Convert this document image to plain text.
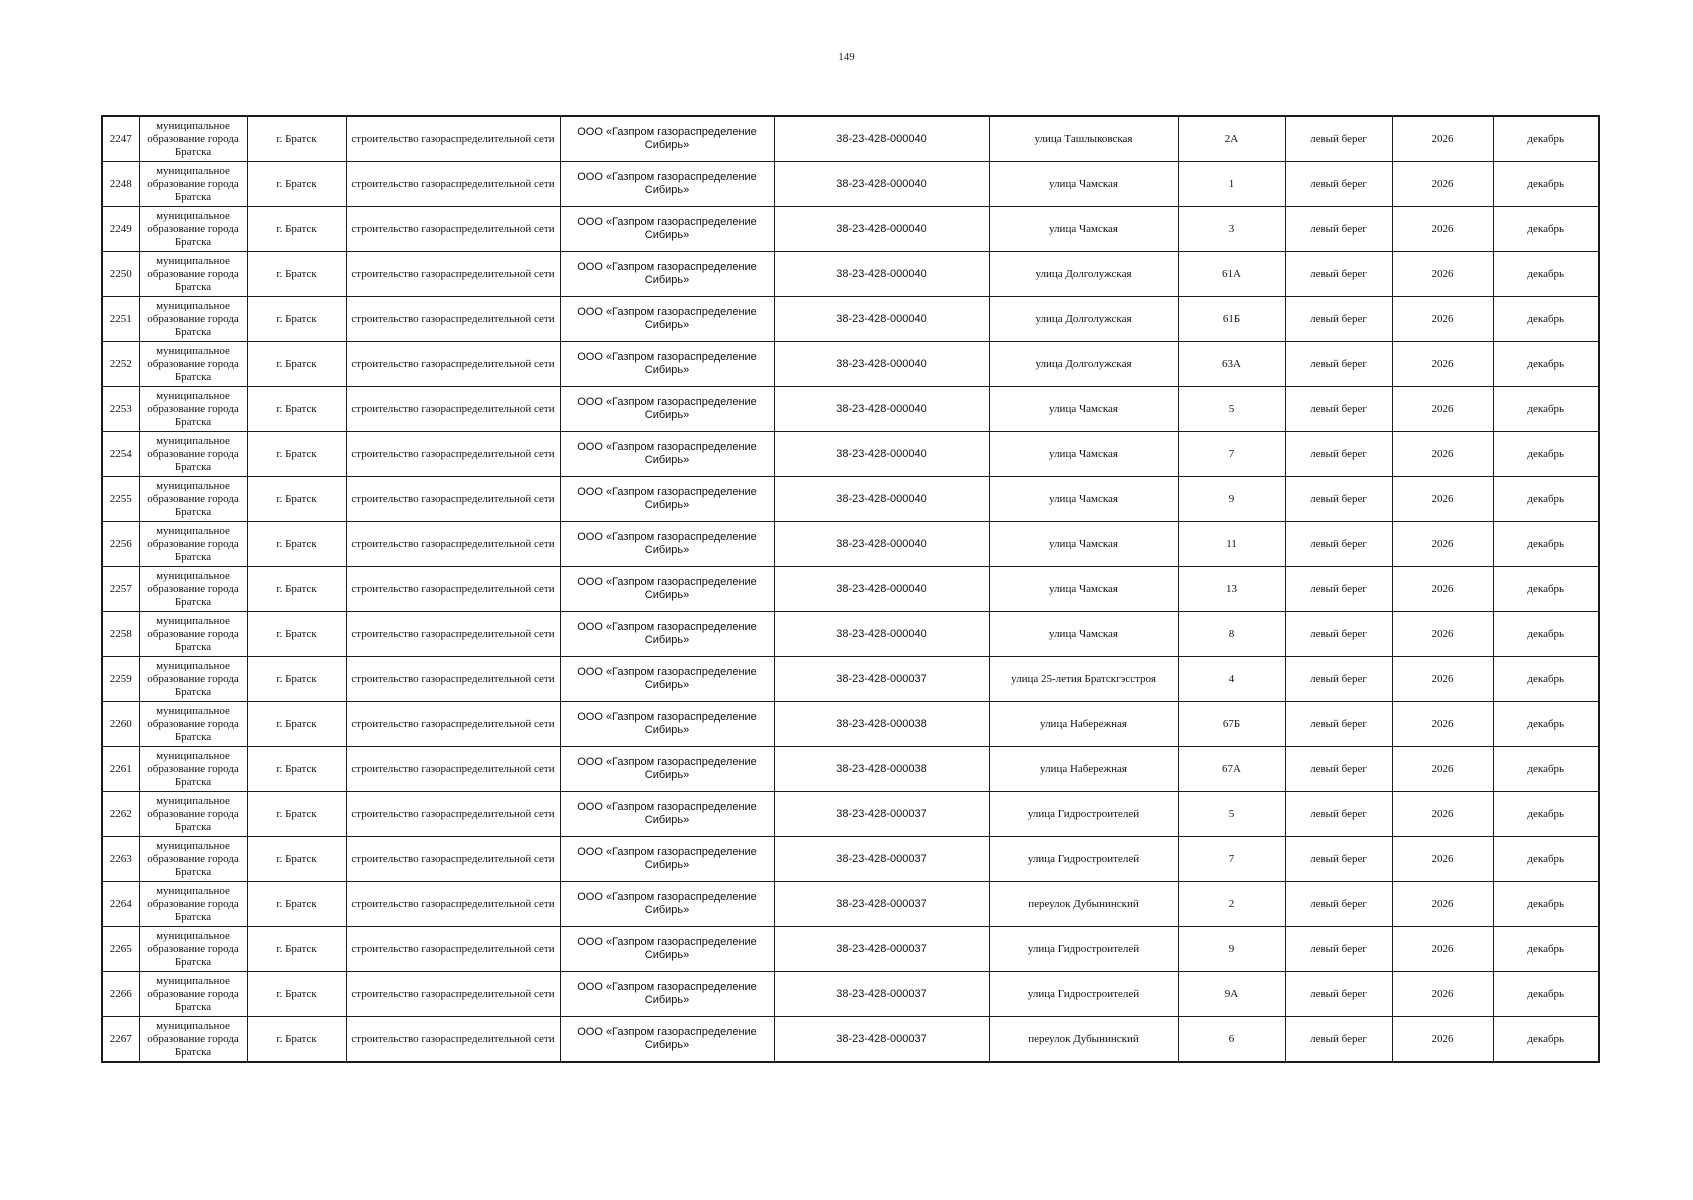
149
2247	муниципальное образование города Братска	г. Братск	строительство газораспределительной сети	ООО «Газпром газораспределение Сибирь»	38-23-428-000040	улица Ташлыковская	2А	левый берег	2026	декабрь
2248	муниципальное образование города Братска	г. Братск	строительство газораспределительной сети	ООО «Газпром газораспределение Сибирь»	38-23-428-000040	улица Чамская	1	левый берег	2026	декабрь
2249	муниципальное образование города Братска	г. Братск	строительство газораспределительной сети	ООО «Газпром газораспределение Сибирь»	38-23-428-000040	улица Чамская	3	левый берег	2026	декабрь
2250	муниципальное образование города Братска	г. Братск	строительство газораспределительной сети	ООО «Газпром газораспределение Сибирь»	38-23-428-000040	улица Долголужская	61А	левый берег	2026	декабрь
2251	муниципальное образование города Братска	г. Братск	строительство газораспределительной сети	ООО «Газпром газораспределение Сибирь»	38-23-428-000040	улица Долголужская	61Б	левый берег	2026	декабрь
2252	муниципальное образование города Братска	г. Братск	строительство газораспределительной сети	ООО «Газпром газораспределение Сибирь»	38-23-428-000040	улица Долголужская	63А	левый берег	2026	декабрь
2253	муниципальное образование города Братска	г. Братск	строительство газораспределительной сети	ООО «Газпром газораспределение Сибирь»	38-23-428-000040	улица Чамская	5	левый берег	2026	декабрь
2254	муниципальное образование города Братска	г. Братск	строительство газораспределительной сети	ООО «Газпром газораспределение Сибирь»	38-23-428-000040	улица Чамская	7	левый берег	2026	декабрь
2255	муниципальное образование города Братска	г. Братск	строительство газораспределительной сети	ООО «Газпром газораспределение Сибирь»	38-23-428-000040	улица Чамская	9	левый берег	2026	декабрь
2256	муниципальное образование города Братска	г. Братск	строительство газораспределительной сети	ООО «Газпром газораспределение Сибирь»	38-23-428-000040	улица Чамская	11	левый берег	2026	декабрь
2257	муниципальное образование города Братска	г. Братск	строительство газораспределительной сети	ООО «Газпром газораспределение Сибирь»	38-23-428-000040	улица Чамская	13	левый берег	2026	декабрь
2258	муниципальное образование города Братска	г. Братск	строительство газораспределительной сети	ООО «Газпром газораспределение Сибирь»	38-23-428-000040	улица Чамская	8	левый берег	2026	декабрь
2259	муниципальное образование города Братска	г. Братск	строительство газораспределительной сети	ООО «Газпром газораспределение Сибирь»	38-23-428-000037	улица 25-летия Братскгэсстроя	4	левый берег	2026	декабрь
2260	муниципальное образование города Братска	г. Братск	строительство газораспределительной сети	ООО «Газпром газораспределение Сибирь»	38-23-428-000038	улица Набережная	67Б	левый берег	2026	декабрь
2261	муниципальное образование города Братска	г. Братск	строительство газораспределительной сети	ООО «Газпром газораспределение Сибирь»	38-23-428-000038	улица Набережная	67А	левый берег	2026	декабрь
2262	муниципальное образование города Братска	г. Братск	строительство газораспределительной сети	ООО «Газпром газораспределение Сибирь»	38-23-428-000037	улица Гидростроителей	5	левый берег	2026	декабрь
2263	муниципальное образование города Братска	г. Братск	строительство газораспределительной сети	ООО «Газпром газораспределение Сибирь»	38-23-428-000037	улица Гидростроителей	7	левый берег	2026	декабрь
2264	муниципальное образование города Братска	г. Братск	строительство газораспределительной сети	ООО «Газпром газораспределение Сибирь»	38-23-428-000037	переулок Дубынинский	2	левый берег	2026	декабрь
2265	муниципальное образование города Братска	г. Братск	строительство газораспределительной сети	ООО «Газпром газораспределение Сибирь»	38-23-428-000037	улица Гидростроителей	9	левый берег	2026	декабрь
2266	муниципальное образование города Братска	г. Братск	строительство газораспределительной сети	ООО «Газпром газораспределение Сибирь»	38-23-428-000037	улица Гидростроителей	9А	левый берег	2026	декабрь
2267	муниципальное образование города Братска	г. Братск	строительство газораспределительной сети	ООО «Газпром газораспределение Сибирь»	38-23-428-000037	переулок Дубынинский	6	левый берег	2026	декабрь
